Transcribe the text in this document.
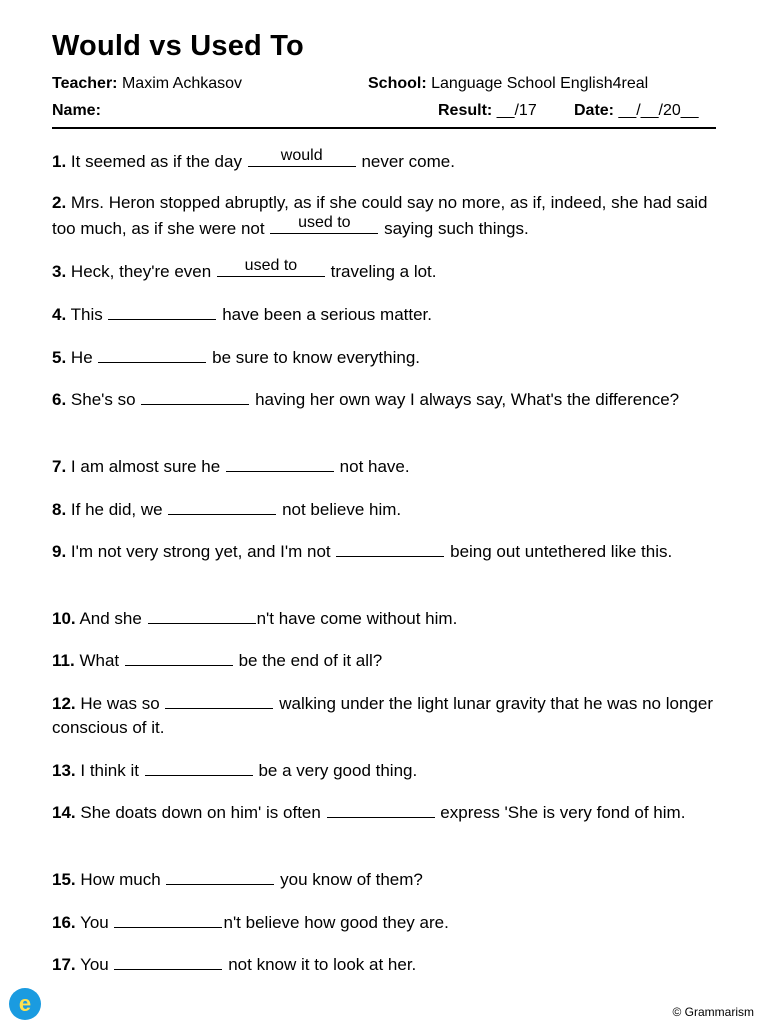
Would vs Used To
Teacher: Maxim Achkasov	School: Language School English4real
Name:	Result: __/17 Date: __/__/20__
1. It seemed as if the day	would	never come.
2. Mrs. Heron stopped abruptly, as if she could say no more, as if, indeed, she had said too much, as if she were not	used to	saying such things.
3. Heck, they're even	used to	traveling a lot.
4. This	have been a serious matter.
5. He	be sure to know everything.
6. She's so	having her own way I always say, What's the difference?
7. I am almost sure he	not have.
8. If he did, we	not believe him.
9. I'm not very strong yet, and I'm not	being out untethered like this.
10. And she	n't have come without him.
11. What	be the end of it all?
12. He was so	walking under the light lunar gravity that he was no longer conscious of it.
13. I think it	be a very good thing.
14. She doats down on him' is often	express 'She is very fond of him.
15. How much	you know of them?
16. You	n't believe how good they are.
17. You	not know it to look at her.
e	© Grammarism
